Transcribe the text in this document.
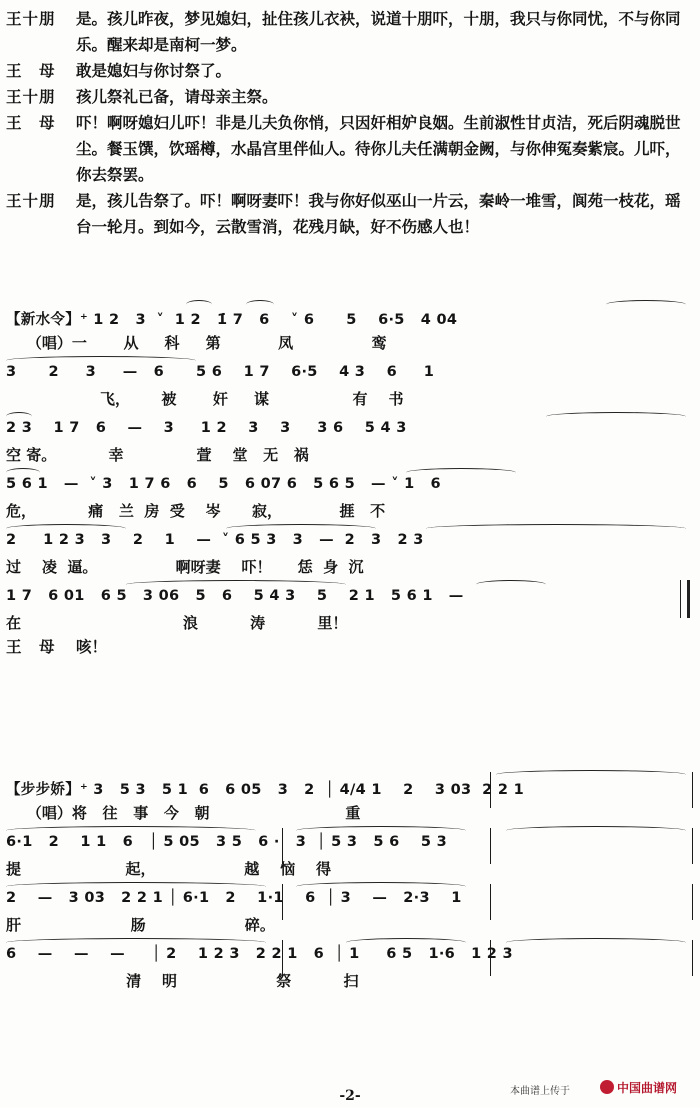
王十朋	是。孩儿昨夜，梦见媳妇，扯住孩儿衣袂，说道十朋吓，十朋，我只与你同忧，不与你同乐。醒来却是南柯一梦。
王　母	敢是媳妇与你讨祭了。
王十朋	孩儿祭礼已备，请母亲主祭。
王　母	吓！啊呀媳妇儿吓！非是儿夫负你悄，只因奸相妒良姻。生前淑性甘贞洁，死后阴魂脱世尘。餐玉馔，饮瑶樽，水晶宫里伴仙人。待你儿夫任满朝金阙，与你伸冤奏紫宸。儿吓，你去祭罢。
王十朋	是，孩儿告祭了。吓！啊呀妻吓！我与你好似巫山一片云，秦岭一堆雪，阆苑一枝花，瑶台一轮月。到如今，云散雪消，花残月缺，好不伤感人也！
【新水令】⁺ 1 2   3  ˅  1 2   1̇ 7   6    ˅ 6      5    6·5   4 04
（唱）一       从     科     第           凤               鸾
3      2     3     —   6      5 6    1 7    6·5    4 3    6     1
飞，      被       奸     谋                有    书
2 3    1 7   6    —    3     1 2    3    3     3 6    5 4 3
空 寄。          幸              萱    堂   无   祸
5 6 1   —  ˅ 3   1 7 6   6    5   6 07 6   5 6 5   — ˅ 1   6
危，          痛   兰  房  受    岑      寂，           捱   不
2     1 2 3   3    2    1    —  ˅ 6 5 3   3   —  2   3   2 3
过    凌  逼。               啊呀妻    吓！     恁  身  沉
1 7   6 01   6 5   3 06   5   6    5 4 3    5    2 1   5 6 1   —
在                               浪          涛          里！
王　母	咳！
【步步娇】⁺ 3   5 3   5 1  6   6 05   3   2  │ 4/4 1    2    3 03  2 2 1
（唱）将   往   事   今   朝                          重
6·1   2    1 1   6   │ 5 05   3 5   6 ·   3  │ 5 3   5 6    5 3
提                    起，                 越    恼    得
2    —   3 03   2 2 1 │ 6·1   2    1·1    6  │ 3    —   2·3    1
肝                     肠                   碎。
6    —    —    —     │ 2    1 2 3   2 2 1   6  │ 1     6 5   1·6   1 2 3
清    明                   祭          扫
本曲谱上传于	中国曲谱网
-2-
